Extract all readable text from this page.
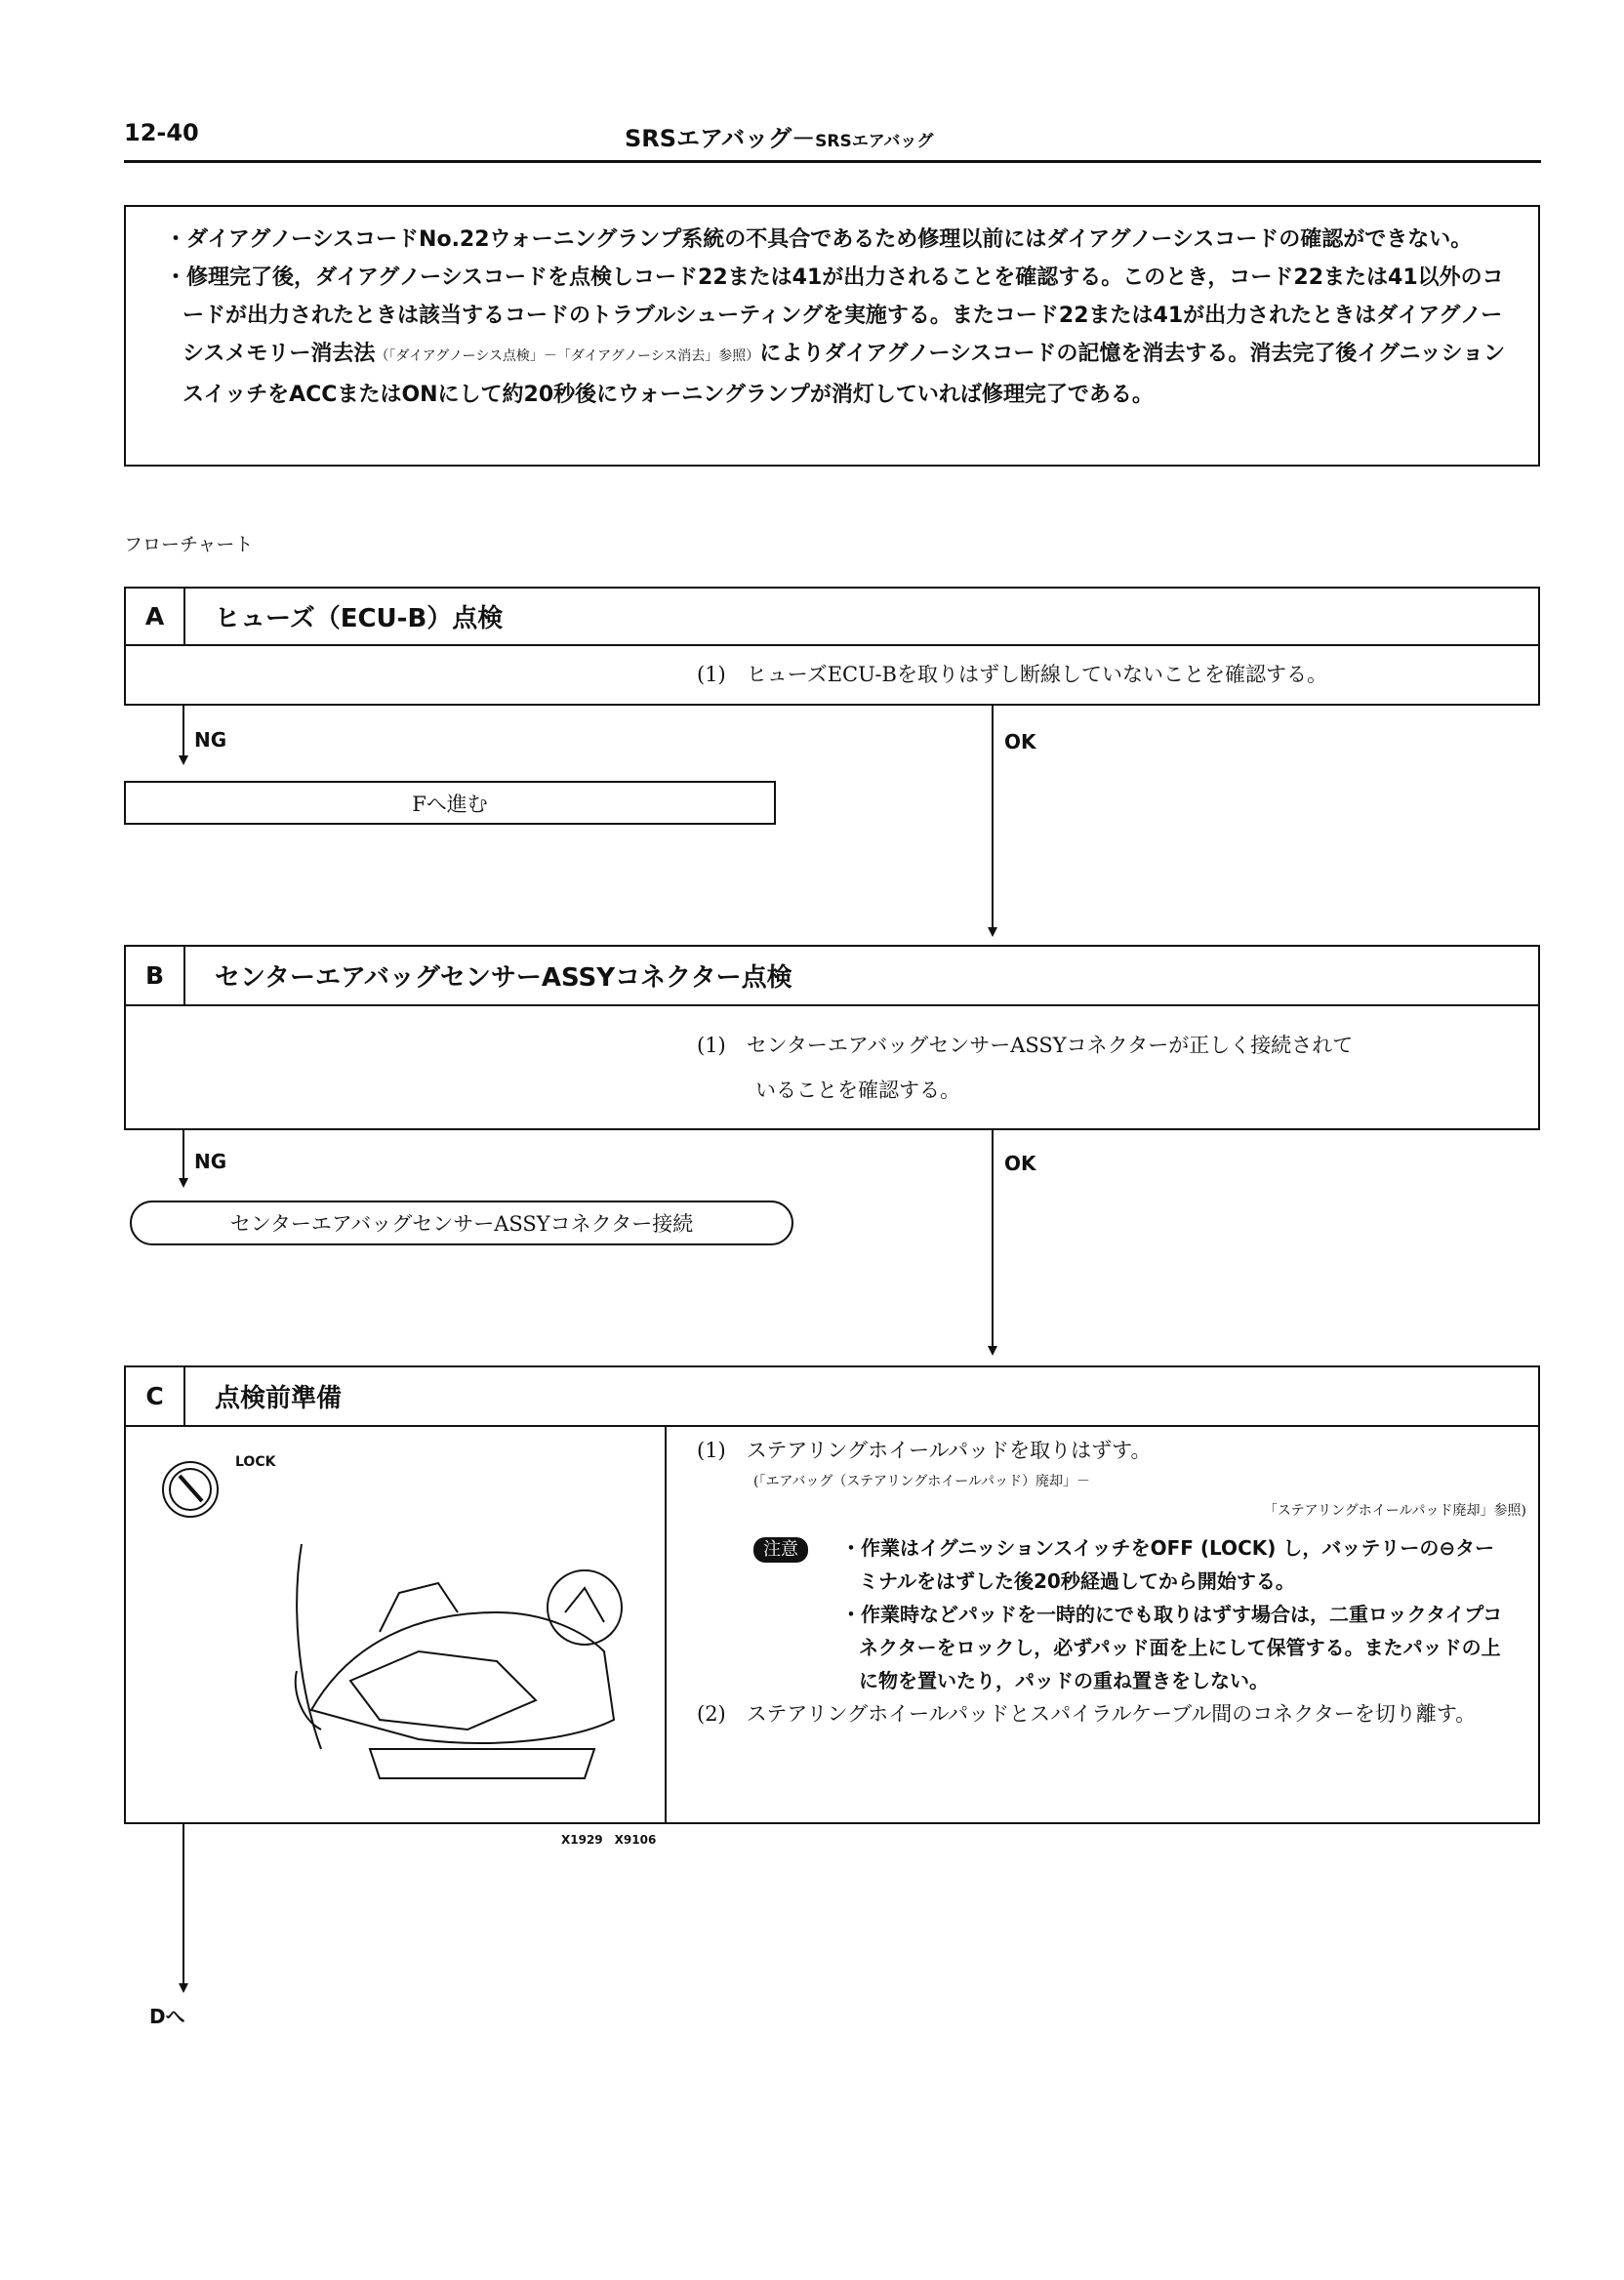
12-40	SRSエアバッグ－SRSエアバッグ

・ダイアグノーシスコードNo.22ウォーニングランプ系統の不具合であるため修理以前にはダイアグノーシスコードの確認ができない。

・修理完了後，ダイアグノーシスコードを点検しコード22または41が出力されることを確認する。このとき，コード22または41以外のコードが出力されたときは該当するコードのトラブルシューティングを実施する。またコード22または41が出力されたときはダイアグノーシスメモリー消去法（「ダイアグノーシス点検」－「ダイアグノーシス消去」参照）によりダイアグノーシスコードの記憶を消去する。消去完了後イグニッションスイッチをACCまたはONにして約20秒後にウォーニングランプが消灯していれば修理完了である。

フローチャート
A	ヒューズ（ECU-B）点検
(1)　ヒューズECU-Bを取りはずし断線していないことを確認する。
NG
Fへ進む
OK
B	センターエアバッグセンサーASSYコネクター点検
(1)　センターエアバッグセンサーASSYコネクターが正しく接続されて
いることを確認する。
NG
センターエアバッグセンサーASSYコネクター接続
OK
C	点検前準備
LOCK	(1)　ステアリングホイールパッドを取りはずす。
(「エアバッグ（ステアリングホイールパッド）廃却」－
「ステアリングホイールパッド廃却」参照)
注意	・作業はイグニッションスイッチをOFF (LOCK) し，バッテリーの⊖ターミナルをはずした後20秒経過してから開始する。

・作業時などパッドを一時的にでも取りはずす場合は，二重ロックタイプコネクターをロックし，必ずパッド面を上にして保管する。またパッドの上に物を置いたり，パッドの重ね置きをしない。

(2)　ステアリングホイールパッドとスパイラルケーブル間のコネクターを切り離す。
X1929　X9106
Dへ
